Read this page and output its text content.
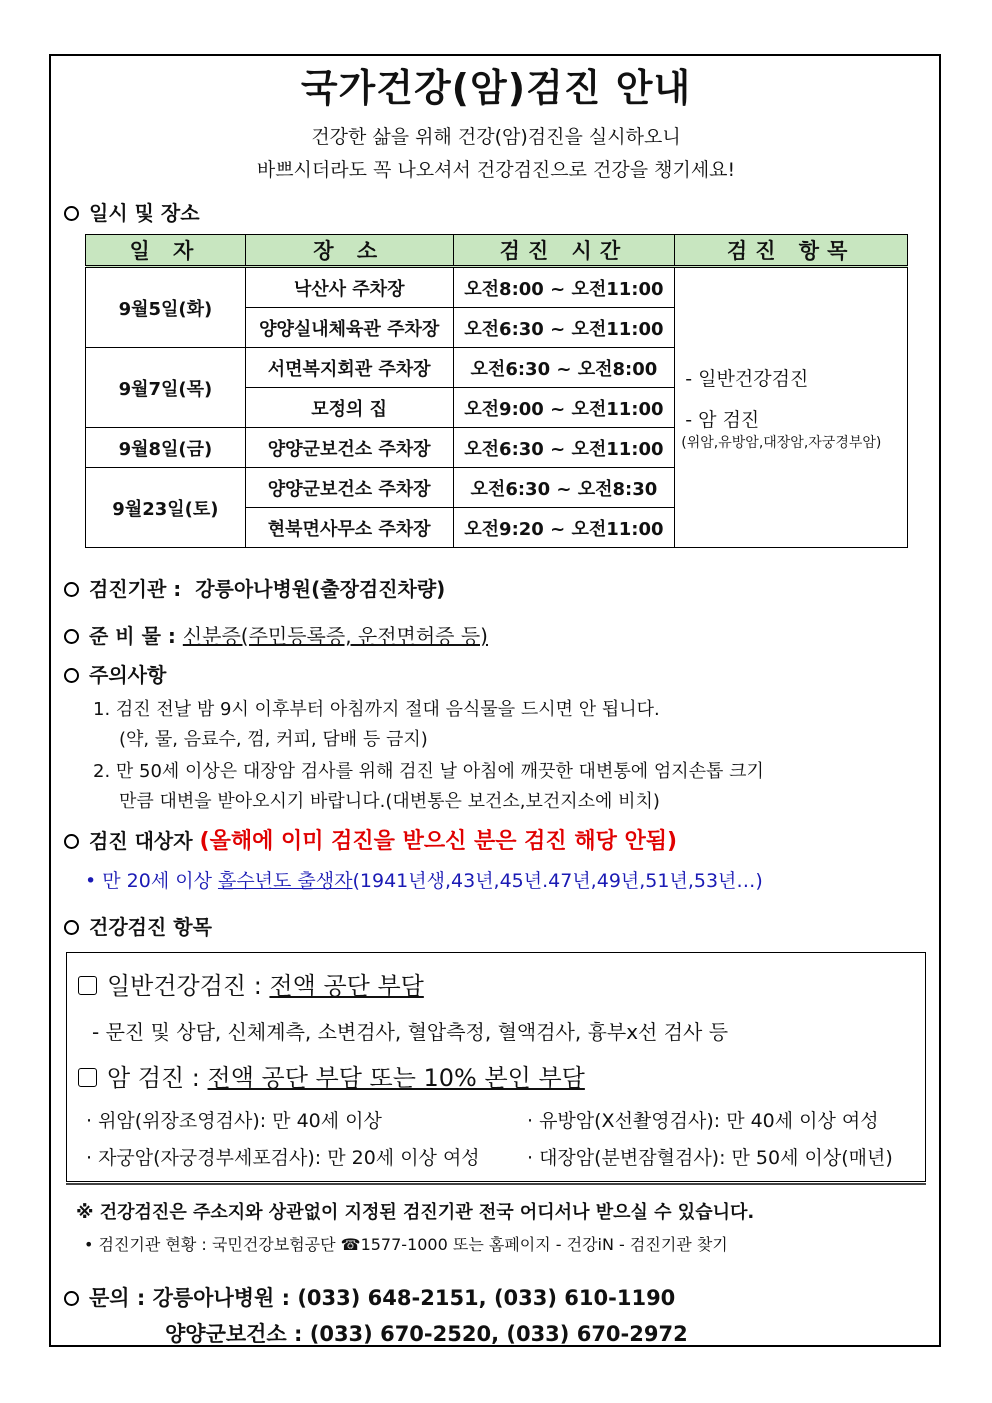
국가건강(암)검진 안내
건강한 삶을 위해 건강(암)검진을 실시하오니
바쁘시더라도 꼭 나오셔서 건강검진으로 건강을 챙기세요!
일시 및 장소
일 자	장 소	검진 시간	검진 항목
9월5일(화)	낙산사 주차장	오전8:00 ~ 오전11:00	- 일반건강검진
- 암 검진
(위암,유방암,대장암,자궁경부암)

	양양실내체육관 주차장	오전6:30 ~ 오전11:00	
9월7일(목)	서면복지회관 주차장	오전6:30 ~ 오전8:00	
	모정의 집	오전9:00 ~ 오전11:00	
9월8일(금)	양양군보건소 주차장	오전6:30 ~ 오전11:00	
9월23일(토)	양양군보건소 주차장	오전6:30 ~ 오전8:30	
	현북면사무소 주차장	오전9:20 ~ 오전11:00	
검진기관 : 강릉아나병원(출장검진차량)
준 비 물 : 신분증(주민등록증, 운전면허증 등)
주의사항
1. 검진 전날 밤 9시 이후부터 아침까지 절대 음식물을 드시면 안 됩니다.
(약, 물, 음료수, 껌, 커피, 담배 등 금지)
2. 만 50세 이상은 대장암 검사를 위해 검진 날 아침에 깨끗한 대변통에 엄지손톱 크기
만큼 대변을 받아오시기 바랍니다.(대변통은 보건소,보건지소에 비치)
검진 대상자 (올해에 이미 검진을 받으신 분은 검진 해당 안됨)
• 만 20세 이상 홀수년도 출생자(1941년생,43년,45년.47년,49년,51년,53년…)
건강검진 항목
일반건강검진 : 전액 공단 부담
- 문진 및 상담, 신체계측, 소변검사, 혈압측정, 혈액검사, 흉부x선 검사 등
암 검진 : 전액 공단 부담 또는 10% 본인 부담
· 위암(위장조영검사): 만 40세 이상	· 유방암(X선촬영검사): 만 40세 이상 여성
· 자궁암(자궁경부세포검사): 만 20세 이상 여성 · 대장암(분변잠혈검사): 만 50세 이상(매년)
※ 건강검진은 주소지와 상관없이 지정된 검진기관 전국 어디서나 받으실 수 있습니다.
• 검진기관 현황 : 국민건강보험공단 ☎1577-1000 또는 홈페이지 - 건강iN - 검진기관 찾기
문의 : 강릉아나병원 : (033) 648-2151, (033) 610-1190
양양군보건소 : (033) 670-2520, (033) 670-2972
